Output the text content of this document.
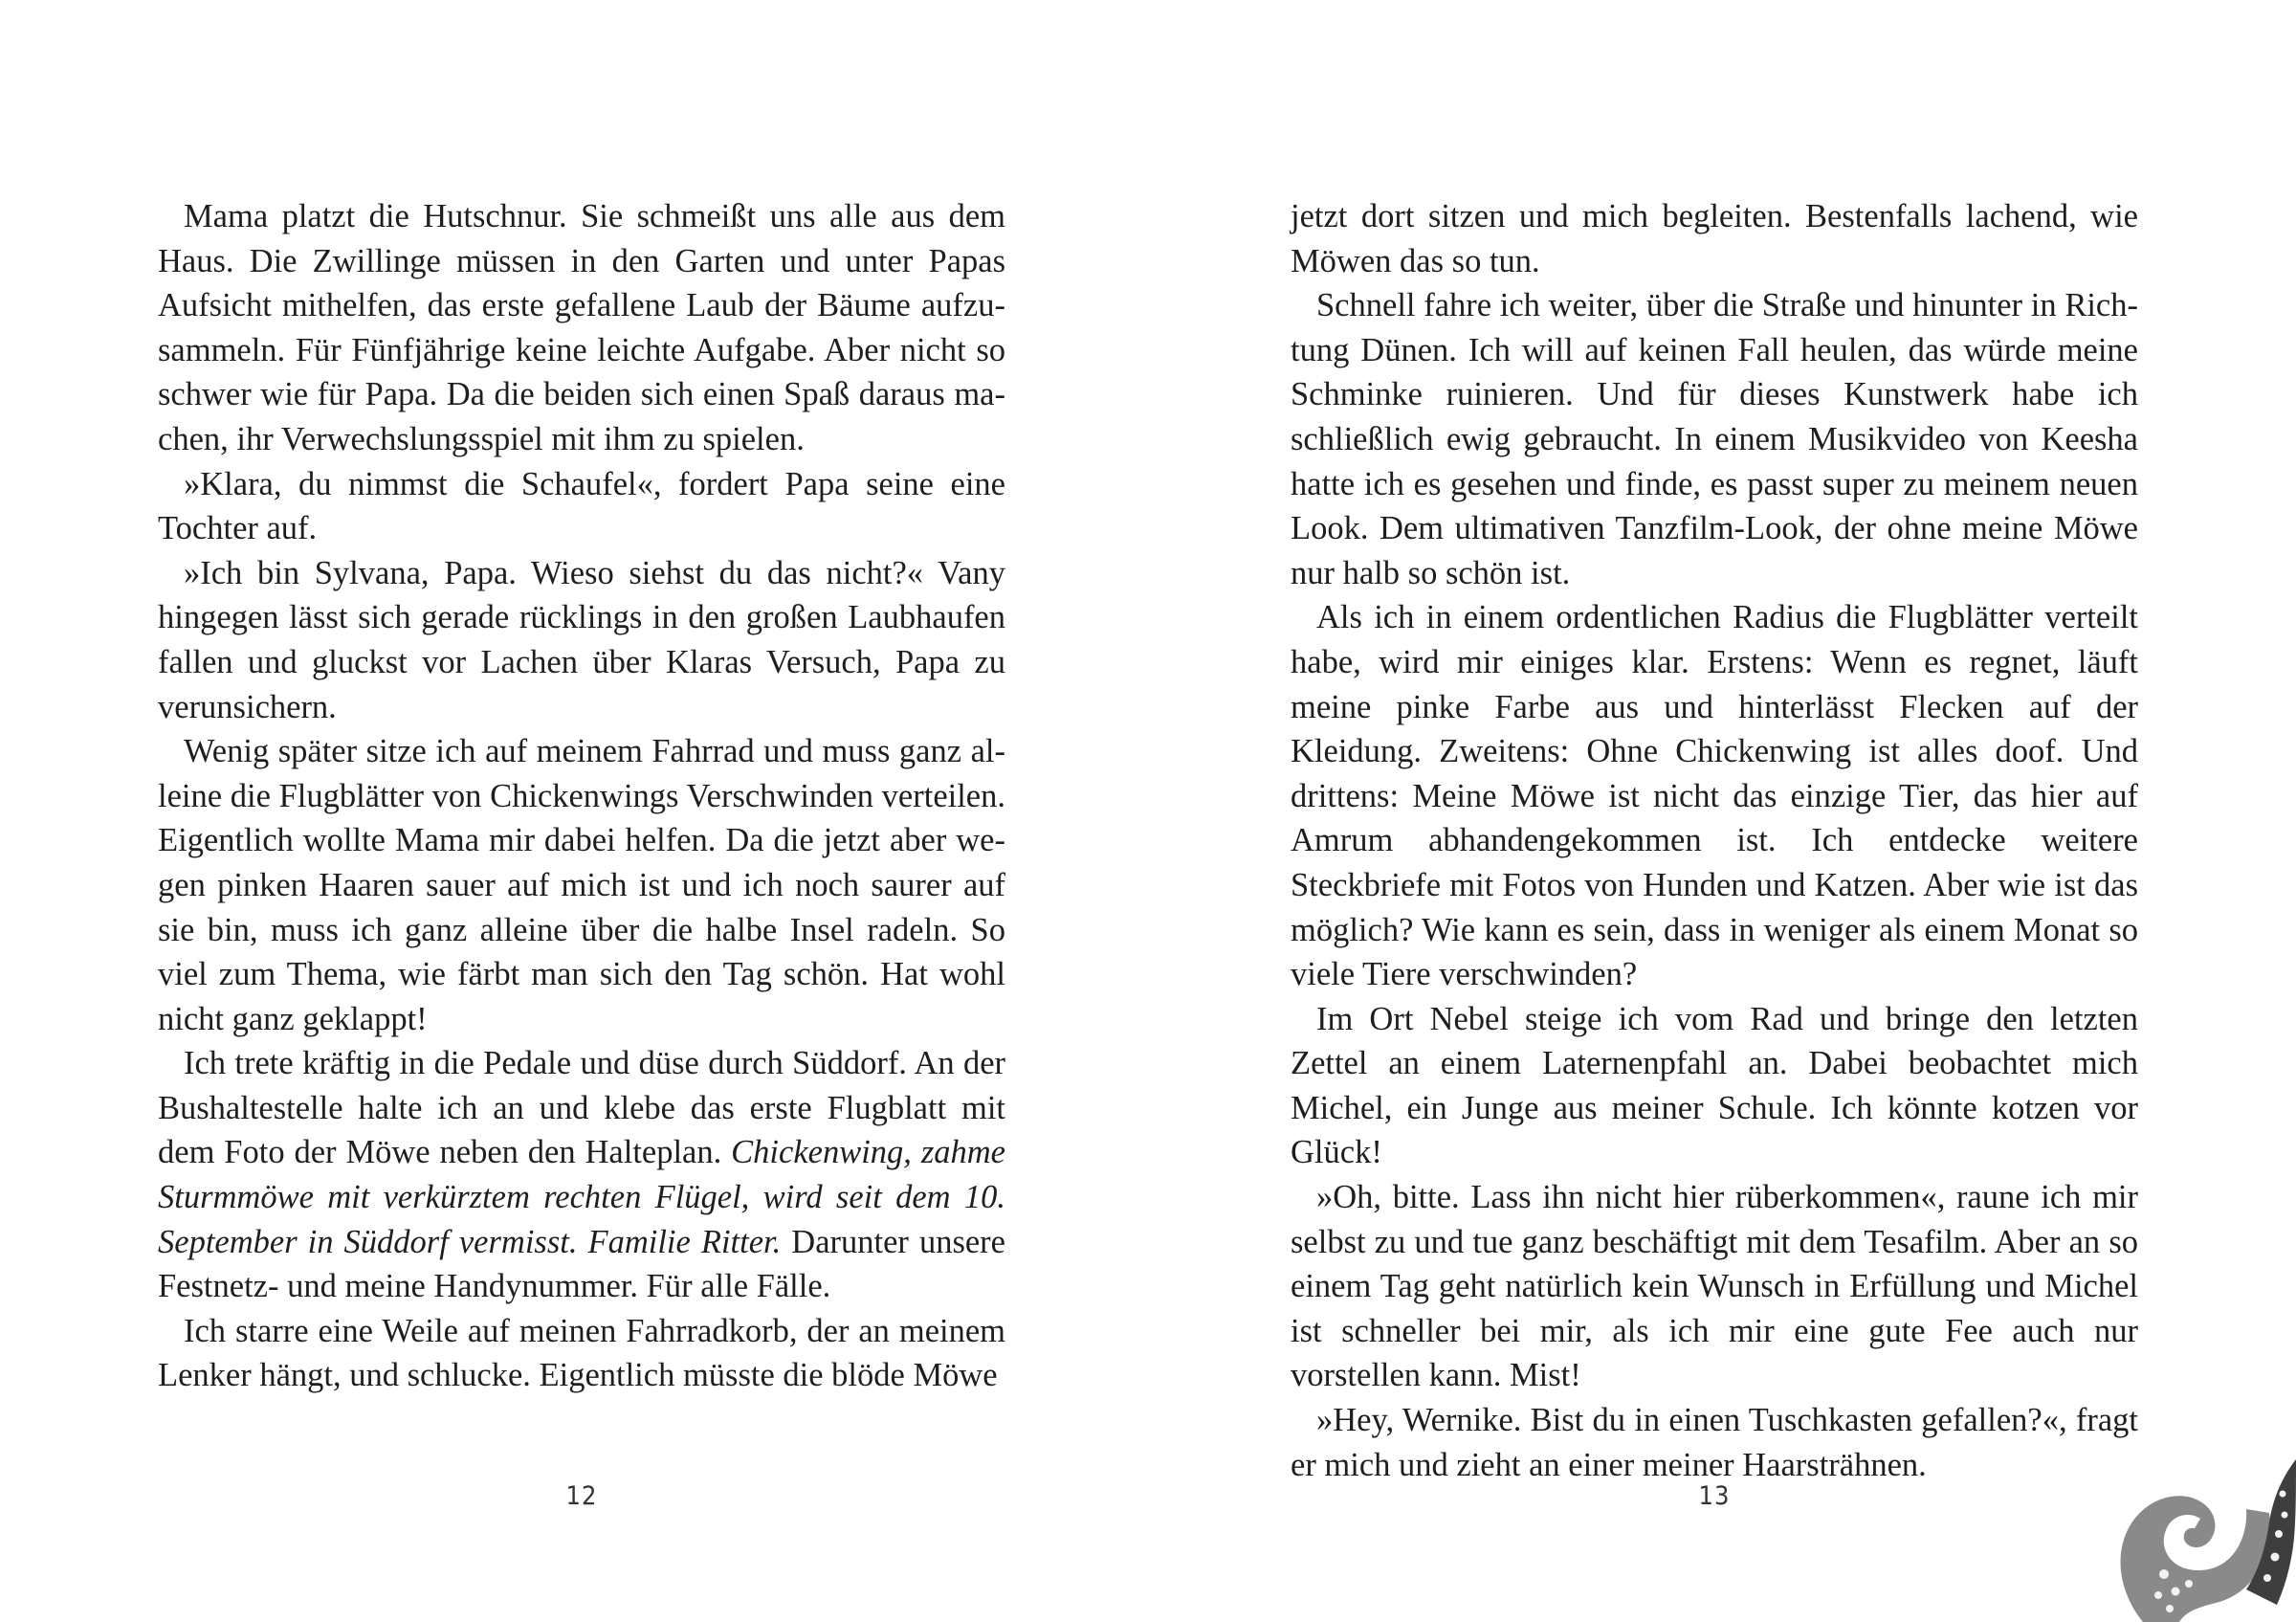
Mama platzt die Hutschnur. Sie schmeißt uns alle aus dem Haus. Die Zwillinge müssen in den Garten und unter Papas Aufsicht mithelfen, das erste gefallene Laub der Bäume aufzusammeln. Für Fünfjährige keine leichte Aufgabe. Aber nicht so schwer wie für Papa. Da die beiden sich einen Spaß daraus machen, ihr Verwechslungsspiel mit ihm zu spielen.

»Klara, du nimmst die Schaufel«, fordert Papa seine eine Tochter auf.

»Ich bin Sylvana, Papa. Wieso siehst du das nicht?« Vany hingegen lässt sich gerade rücklings in den großen Laubhaufen fallen und gluckst vor Lachen über Klaras Versuch, Papa zu verunsichern.

Wenig später sitze ich auf meinem Fahrrad und muss ganz alleine die Flugblätter von Chickenwings Verschwinden verteilen. Eigentlich wollte Mama mir dabei helfen. Da die jetzt aber wegen pinken Haaren sauer auf mich ist und ich noch saurer auf sie bin, muss ich ganz alleine über die halbe Insel radeln. So viel zum Thema, wie färbt man sich den Tag schön. Hat wohl nicht ganz geklappt!

Ich trete kräftig in die Pedale und düse durch Süddorf. An der Bushaltestelle halte ich an und klebe das erste Flugblatt mit dem Foto der Möwe neben den Halteplan. Chickenwing, zahme Sturmmöwe mit verkürztem rechten Flügel, wird seit dem 10. September in Süddorf vermisst. Familie Ritter. Darunter unsere Festnetz- und meine Handynummer. Für alle Fälle.

Ich starre eine Weile auf meinen Fahrradkorb, der an meinem Lenker hängt, und schlucke. Eigentlich müsste die blöde Möwe

12

jetzt dort sitzen und mich begleiten. Bestenfalls lachend, wie Möwen das so tun.

Schnell fahre ich weiter, über die Straße und hinunter in Richtung Dünen. Ich will auf keinen Fall heulen, das würde meine Schminke ruinieren. Und für dieses Kunstwerk habe ich schließlich ewig gebraucht. In einem Musikvideo von Keesha hatte ich es gesehen und finde, es passt super zu meinem neuen Look. Dem ultimativen Tanzfilm-Look, der ohne meine Möwe nur halb so schön ist.

Als ich in einem ordentlichen Radius die Flugblätter verteilt habe, wird mir einiges klar. Erstens: Wenn es regnet, läuft meine pinke Farbe aus und hinterlässt Flecken auf der Kleidung. Zweitens: Ohne Chickenwing ist alles doof. Und drittens: Meine Möwe ist nicht das einzige Tier, das hier auf Amrum abhandengekommen ist. Ich entdecke weitere Steckbriefe mit Fotos von Hunden und Katzen. Aber wie ist das möglich? Wie kann es sein, dass in weniger als einem Monat so viele Tiere verschwinden?

Im Ort Nebel steige ich vom Rad und bringe den letzten Zettel an einem Laternenpfahl an. Dabei beobachtet mich Michel, ein Junge aus meiner Schule. Ich könnte kotzen vor Glück!

»Oh, bitte. Lass ihn nicht hier rüberkommen«, raune ich mir selbst zu und tue ganz beschäftigt mit dem Tesafilm. Aber an so einem Tag geht natürlich kein Wunsch in Erfüllung und Michel ist schneller bei mir, als ich mir eine gute Fee auch nur vorstellen kann. Mist!

»Hey, Wernike. Bist du in einen Tuschkasten gefallen?«, fragt er mich und zieht an einer meiner Haarsträhnen.

13
